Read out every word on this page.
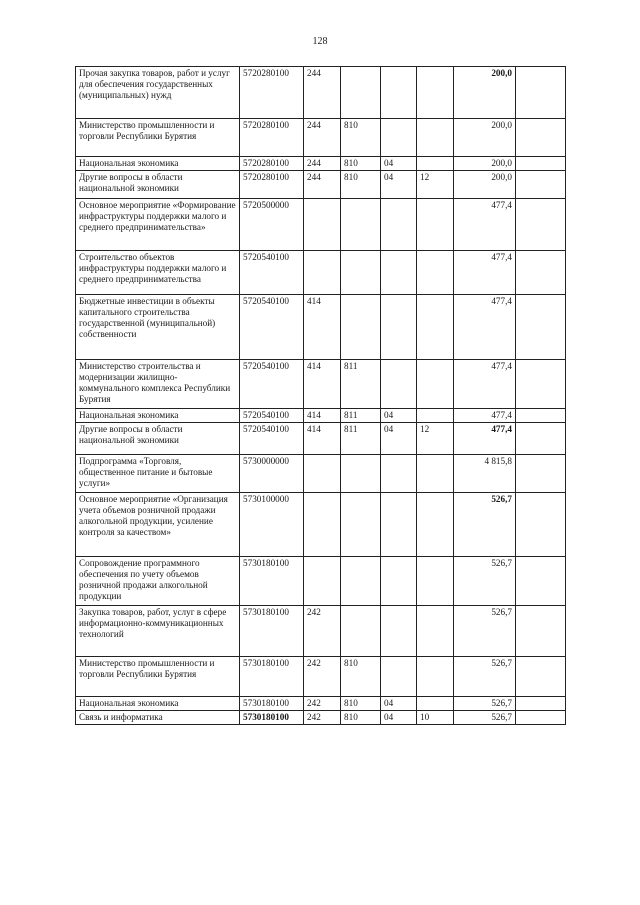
128
Прочая закупка товаров, работ и услуг для обеспечения государственных (муниципальных) нужд	5720280100	244				200,0	
Министерство промышленности и торговли Республики Бурятия	5720280100	244	810			200,0	
Национальная экономика	5720280100	244	810	04		200,0	
Другие вопросы в области национальной экономики	5720280100	244	810	04	12	200,0	
Основное мероприятие «Формирование инфраструктуры поддержки малого и среднего предпринимательства»	5720500000					477,4	
Строительство объектов инфраструктуры поддержки малого и среднего предпринимательства	5720540100					477,4	
Бюджетные инвестиции в объекты капитального строительства государственной (муниципальной) собственности	5720540100	414				477,4	
Министерство строительства и модернизации жилищно-коммунального комплекса Республики Бурятия	5720540100	414	811			477,4	
Национальная экономика	5720540100	414	811	04		477,4	
Другие вопросы в области национальной экономики	5720540100	414	811	04	12	477,4	
Подпрограмма «Торговля, общественное питание и бытовые услуги»	5730000000					4 815,8	
Основное мероприятие «Организация учета объемов розничной продажи алкогольной продукции, усиление контроля за качеством»	5730100000					526,7	
Сопровождение программного обеспечения по учету объемов розничной продажи алкогольной продукции	5730180100					526,7	
Закупка товаров, работ, услуг в сфере информационно-коммуникационных технологий	5730180100	242				526,7	
Министерство промышленности и торговли Республики Бурятия	5730180100	242	810			526,7	
Национальная экономика	5730180100	242	810	04		526,7	
Связь и информатика	5730180100	242	810	04	10	526,7	
